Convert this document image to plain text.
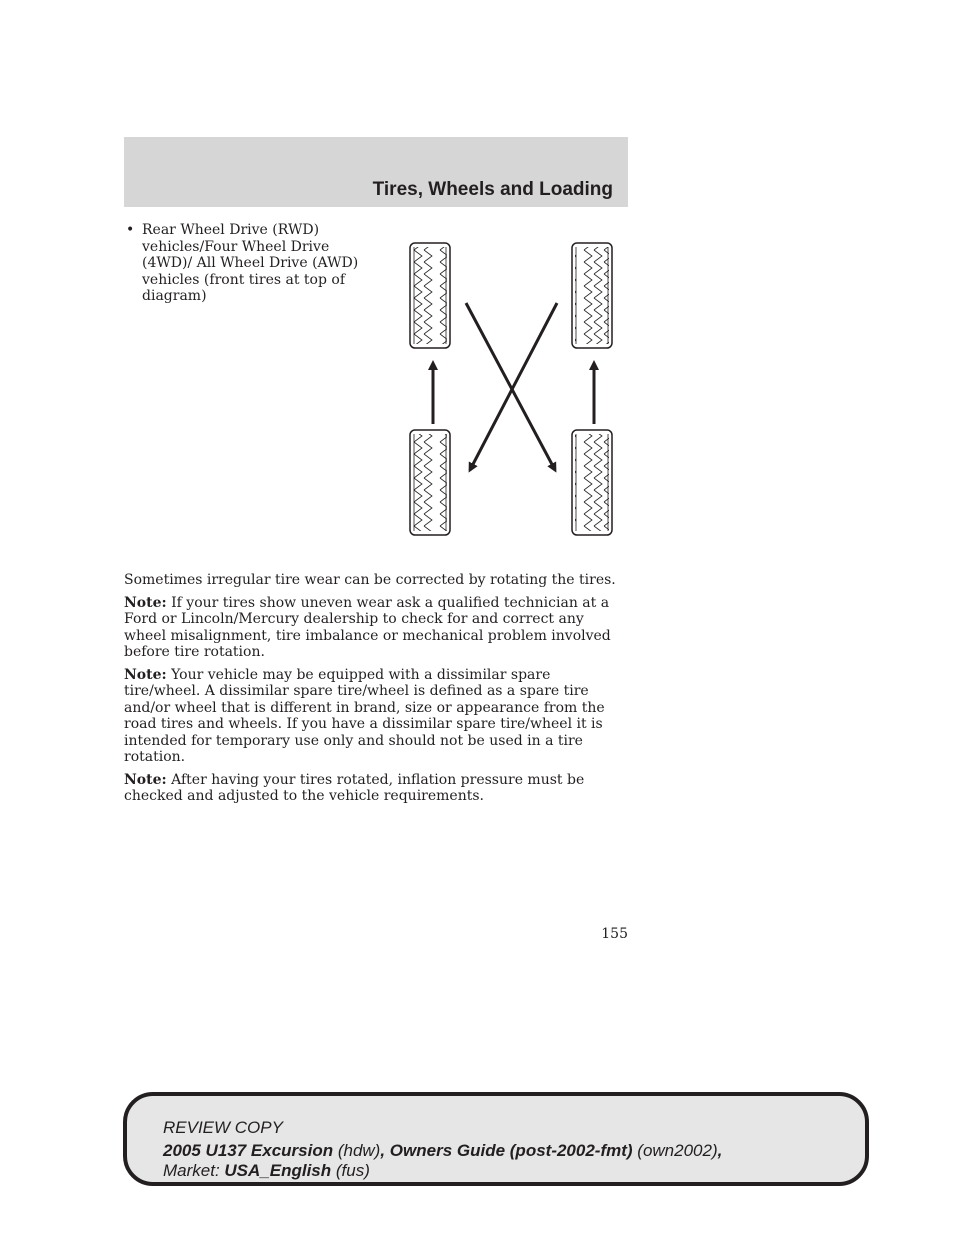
Tires, Wheels and Loading
• Rear Wheel Drive (RWD) vehicles/Four Wheel Drive (4WD)/ All Wheel Drive (AWD) vehicles (front tires at top of diagram)

Sometimes irregular tire wear can be corrected by rotating the tires.

Note: If your tires show uneven wear ask a qualified technician at a Ford or Lincoln/Mercury dealership to check for and correct any wheel misalignment, tire imbalance or mechanical problem involved before tire rotation.

Note: Your vehicle may be equipped with a dissimilar spare tire/wheel. A dissimilar spare tire/wheel is defined as a spare tire and/or wheel that is different in brand, size or appearance from the road tires and wheels. If you have a dissimilar spare tire/wheel it is intended for temporary use only and should not be used in a tire rotation.

Note: After having your tires rotated, inflation pressure must be checked and adjusted to the vehicle requirements.

155
REVIEW COPY
2005 U137 Excursion (hdw), Owners Guide (post-2002-fmt) (own2002),
Market: USA_English (fus)
